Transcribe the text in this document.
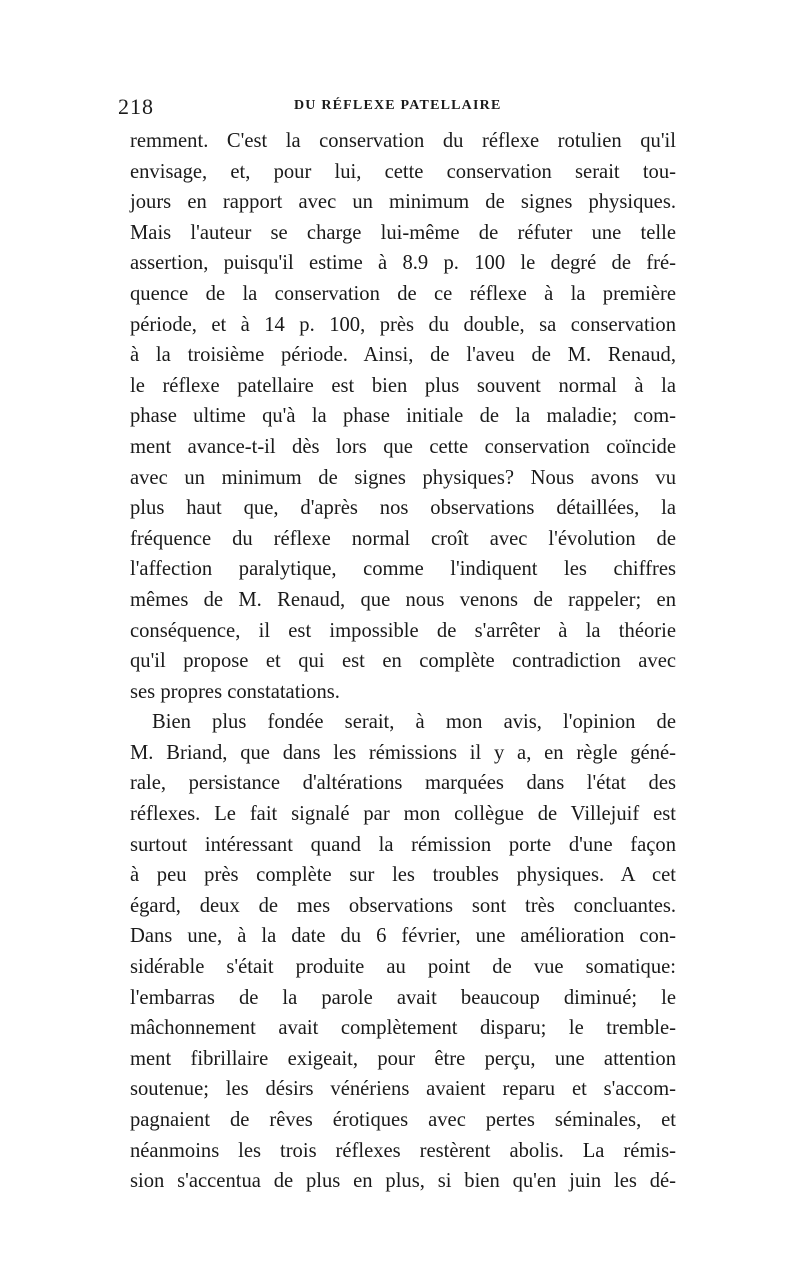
218	DU RÉFLEXE PATELLAIRE
remment. C'est la conservation du réflexe rotulien qu'il
envisage, et, pour lui, cette conservation serait tou-
jours en rapport avec un minimum de signes physiques.
Mais l'auteur se charge lui-même de réfuter une telle
assertion, puisqu'il estime à 8.9 p. 100 le degré de fré-
quence de la conservation de ce réflexe à la première
période, et à 14 p. 100, près du double, sa conservation
à la troisième période. Ainsi, de l'aveu de M. Renaud,
le réflexe patellaire est bien plus souvent normal à la
phase ultime qu'à la phase initiale de la maladie; com-
ment avance-t-il dès lors que cette conservation coïncide
avec un minimum de signes physiques? Nous avons vu
plus haut que, d'après nos observations détaillées, la
fréquence du réflexe normal croît avec l'évolution de
l'affection paralytique, comme l'indiquent les chiffres
mêmes de M. Renaud, que nous venons de rappeler; en
conséquence, il est impossible de s'arrêter à la théorie
qu'il propose et qui est en complète contradiction avec
ses propres constatations.
Bien plus fondée serait, à mon avis, l'opinion de
M. Briand, que dans les rémissions il y a, en règle géné-
rale, persistance d'altérations marquées dans l'état des
réflexes. Le fait signalé par mon collègue de Villejuif est
surtout intéressant quand la rémission porte d'une façon
à peu près complète sur les troubles physiques. A cet
égard, deux de mes observations sont très concluantes.
Dans une, à la date du 6 février, une amélioration con-
sidérable s'était produite au point de vue somatique:
l'embarras de la parole avait beaucoup diminué; le
mâchonnement avait complètement disparu; le tremble-
ment fibrillaire exigeait, pour être perçu, une attention
soutenue; les désirs vénériens avaient reparu et s'accom-
pagnaient de rêves érotiques avec pertes séminales, et
néanmoins les trois réflexes restèrent abolis. La rémis-
sion s'accentua de plus en plus, si bien qu'en juin les dé-
